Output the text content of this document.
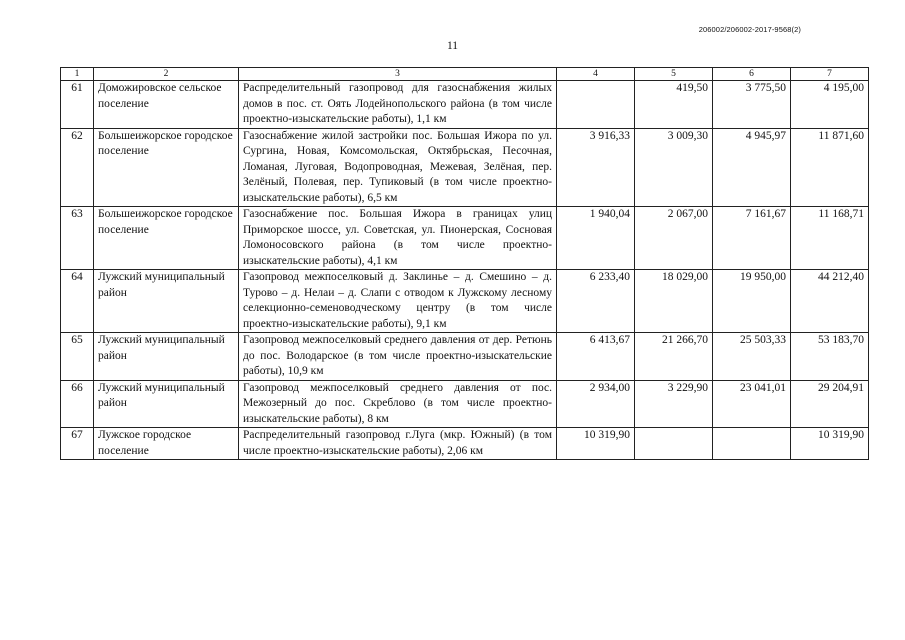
206002/206002-2017-9568(2)
11
1	2	3	4	5	6	7
61	Доможировское сельское поселение	Распределительный газопровод для газоснабжения жилых домов в пос. ст. Оять Лодейнопольского района (в том числе проектно-изыскательские работы), 1,1 км		419,50	3 775,50	4 195,00
62	Большеижорское городское поселение	Газоснабжение жилой застройки пос. Большая Ижора по ул. Сургина, Новая, Комсомольская, Октябрьская, Песочная, Ломаная, Луговая, Водопроводная, Межевая, Зелёная, пер. Зелёный, Полевая, пер. Тупиковый (в том числе проектно-изыскательские работы), 6,5 км	3 916,33	3 009,30	4 945,97	11 871,60
63	Большеижорское городское поселение	Газоснабжение пос. Большая Ижора в границах улиц Приморское шоссе, ул. Советская, ул. Пионерская, Сосновая Ломоносовского района (в том числе проектно-изыскательские работы), 4,1 км	1 940,04	2 067,00	7 161,67	11 168,71
64	Лужский муниципальный район	Газопровод межпоселковый д. Заклинье – д. Смешино – д. Турово – д. Нелаи – д. Слапи с отводом к Лужскому лесному селекционно-семеноводческому центру (в том числе проектно-изыскательские работы), 9,1 км	6 233,40	18 029,00	19 950,00	44 212,40
65	Лужский муниципальный район	Газопровод межпоселковый среднего давления от дер. Ретюнь до пос. Володарское (в том числе проектно-изыскательские работы), 10,9 км	6 413,67	21 266,70	25 503,33	53 183,70
66	Лужский муниципальный район	Газопровод межпоселковый среднего давления от пос. Межозерный до пос. Скреблово (в том числе проектно-изыскательские работы), 8 км	2 934,00	3 229,90	23 041,01	29 204,91
67	Лужское городское поселение	Распределительный газопровод г.Луга (мкр. Южный) (в том числе проектно-изыскательские работы), 2,06 км	10 319,90			10 319,90
